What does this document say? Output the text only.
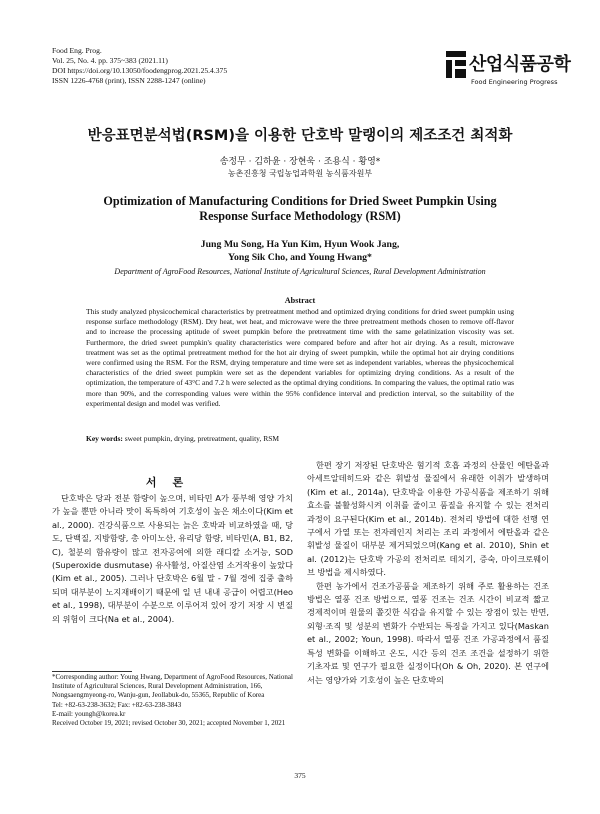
Food Eng. Prog.
Vol. 25, No. 4. pp. 375~383 (2021.11)
DOI https://doi.org/10.13050/foodengprog.2021.25.4.375
ISSN 1226-4768 (print), ISSN 2288-1247 (online)
산업식품공학
Food Engineering Progress
반응표면분석법(RSM)을 이용한 단호박 말랭이의 제조조건 최적화
송정무 · 김하윤 · 장현욱 · 조용식 · 황영*
농촌진흥청 국립농업과학원 농식품자원부
Optimization of Manufacturing Conditions for Dried Sweet Pumpkin Using
Response Surface Methodology (RSM)
Jung Mu Song, Ha Yun Kim, Hyun Wook Jang,
Yong Sik Cho, and Young Hwang*
Department of AgroFood Resources, National Institute of Agricultural Sciences, Rural Development Administration
Abstract
This study analyzed physicochemical characteristics by pretreatment method and optimized drying conditions for dried sweet pumpkin using response surface methodology (RSM). Dry heat, wet heat, and microwave were the three pretreatment methods chosen to remove off-flavor and to increase the processing aptitude of sweet pumpkin before the pretreatment time with the same gelatinization viscosity was set. Furthermore, the dried sweet pumpkin's quality characteristics were compared before and after hot air drying. As a result, microwave treatment was set as the optimal pretreatment method for the hot air drying of sweet pumpkin, while the optimal hot air drying conditions were confirmed using the RSM. For the RSM, drying temperature and time were set as independent variables, whereas the physicochemical characteristics of the dried sweet pumpkin were set as the dependent variables for optimizing drying conditions. As a result of the optimization, the temperature of 43°C and 7.2 h were selected as the optimal drying conditions. In comparing the values, the optimal ratio was more than 90%, and the corresponding values were within the 95% confidence interval and prediction interval, so the suitability of the experimental design and model was verified.
Key words: sweet pumpkin, drying, pretreatment, quality, RSM
서론

단호박은 당과 전분 함량이 높으며, 비타민 A가 풍부해 영양 가치가 높을 뿐만 아니라 맛이 독특하여 기호성이 높은 채소이다(Kim et al., 2000). 건강식품으로 사용되는 늙은 호박과 비교하였을 때, 당도, 단백질, 지방함량, 총 아미노산, 유리당 함량, 비타민(A, B1, B2, C), 철분의 함유량이 많고 전자공여에 의한 래디칼 소거능, SOD (Superoxide dusmutase) 유사활성, 아질산염 소거작용이 높았다(Kim et al., 2005). 그러나 단호박은 6월 말 - 7월 경에 집중 출하되며 대부분이 노지재배이기 때문에 일 년 내내 공급이 어렵고(Heo et al., 1998), 대부분이 수분으로 이루어져 있어 장기 저장 시 변질의 위험이 크다(Na et al., 2004).

한편 장기 저장된 단호박은 혐기적 호흡 과정의 산물인 에탄올과 아세트알데히드와 같은 휘발성 물질에서 유래한 이취가 발생하며(Kim et al., 2014a), 단호박을 이용한 가공식품을 제조하기 위해 효소를 불활성화시켜 이취를 줄이고 품질을 유지할 수 있는 전처리 과정이 요구된다(Kim et al., 2014b). 전처리 방법에 대한 선행 연구에서 가열 또는 전자레인지 처리는 조리 과정에서 에탄올과 같은 휘발성 물질이 대부분 제거되었으며(Kang et al. 2010), Shin et al. (2012)는 단호박 가공의 전처리로 데치기, 증숙, 마이크로웨이브 방법을 제시하였다.

한편 농가에서 건조가공품을 제조하기 위해 주로 활용하는 건조 방법은 열풍 건조 방법으로, 열풍 건조는 건조 시간이 비교적 짧고 경제적이며 원물의 쫄깃한 식감을 유지할 수 있는 장점이 있는 반면, 외형·조직 및 성분의 변화가 수반되는 특징을 가지고 있다(Maskan et al., 2002; Youn, 1998). 따라서 열풍 건조 가공과정에서 품질 특성 변화를 이해하고 온도, 시간 등의 건조 조건을 설정하기 위한 기초자료 및 연구가 필요한 실정이다(Oh & Oh, 2020). 본 연구에서는 영양가와 기호성이 높은 단호박의

*Corresponding author: Young Hwang, Department of AgroFood Resources, National Institute of Agricultural Sciences, Rural Development Administration, 166, Nongsaengmyeong-ro, Wanju-gun, Jeollabuk-do, 55365, Republic of Korea
Tel: +82-63-238-3632; Fax: +82-63-238-3843
E-mail: youngh@korea.kr
Received October 19, 2021; revised October 30, 2021; accepted November 1, 2021
375
